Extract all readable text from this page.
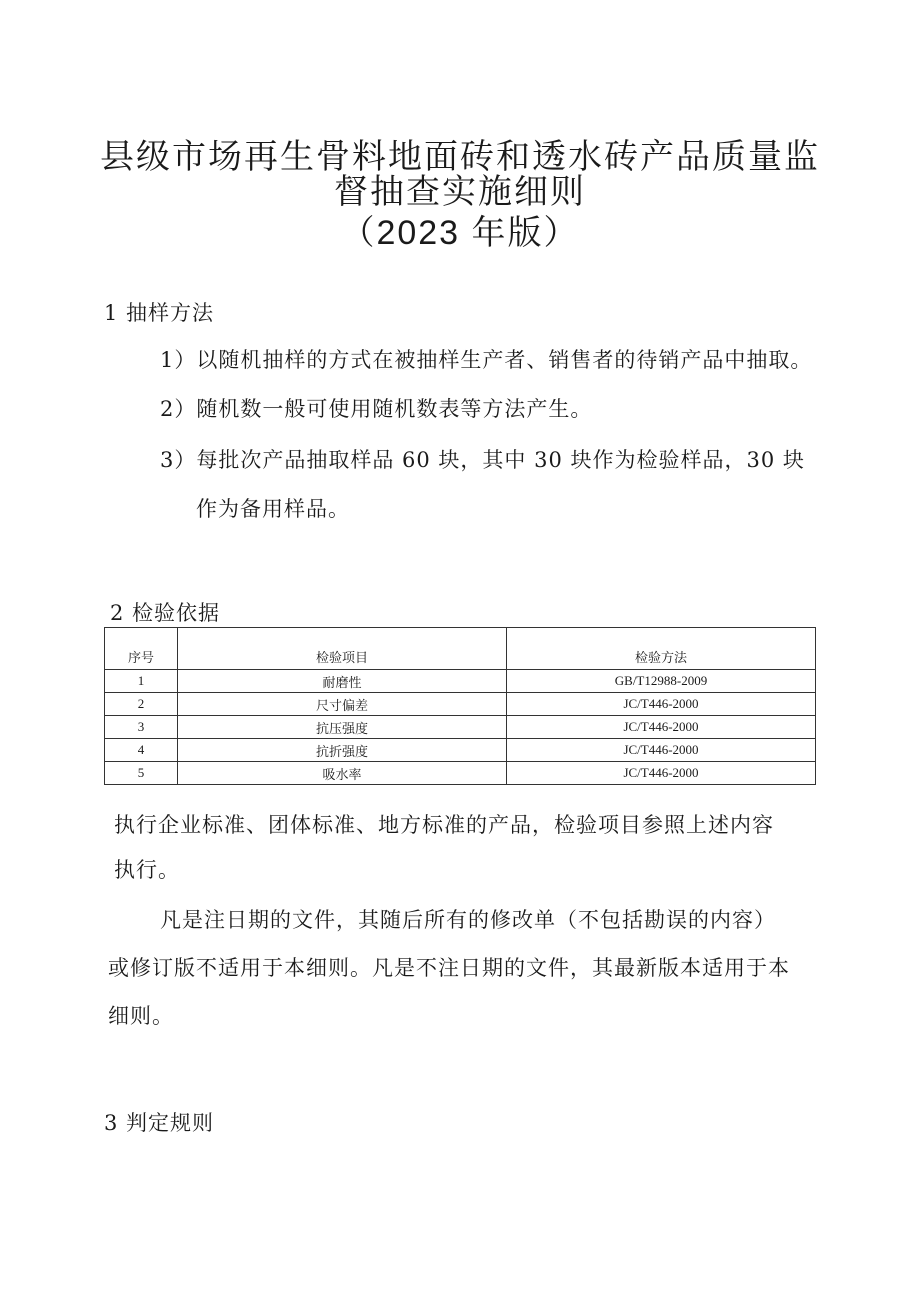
县级市场再生骨料地面砖和透水砖产品质量监
督抽查实施细则
（2023 年版）
1 抽样方法

1）以随机抽样的方式在被抽样生产者、销售者的待销产品中抽取。

2）随机数一般可使用随机数表等方法产生。

3）每批次产品抽取样品 60 块，其中 30 块作为检验样品，30 块

作为备用样品。

2 检验依据
序号	检验项目	检验方法
1	耐磨性	GB/T12988-2009
2	尺寸偏差	JC/T446-2000
3	抗压强度	JC/T446-2000
4	抗折强度	JC/T446-2000
5	吸水率	JC/T446-2000

执行企业标准、团体标准、地方标准的产品，检验项目参照上述内容

执行。

凡是注日期的文件，其随后所有的修改单（不包括勘误的内容）

或修订版不适用于本细则。凡是不注日期的文件，其最新版本适用于本

细则。

3 判定规则
